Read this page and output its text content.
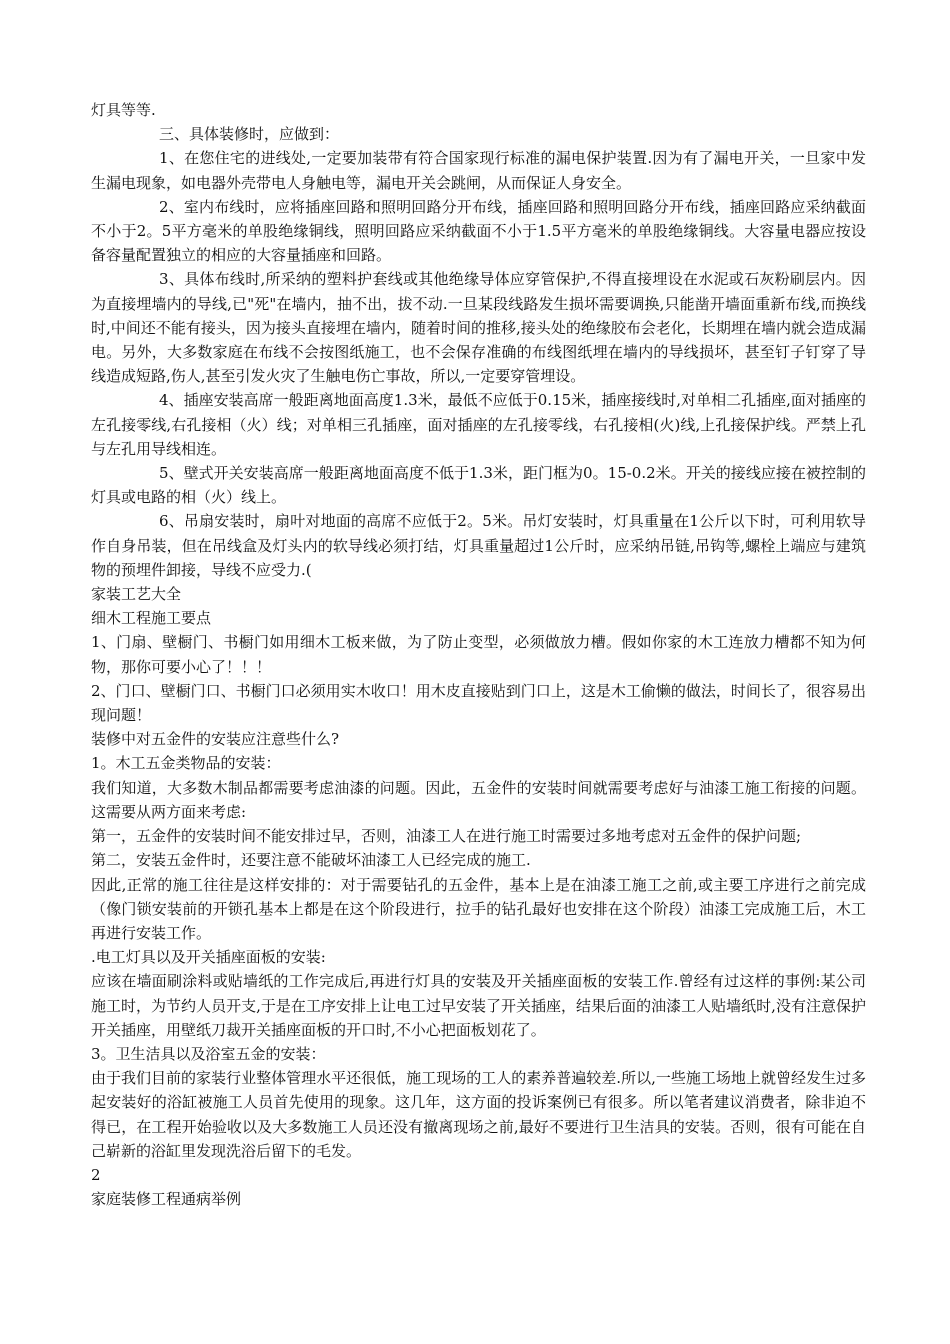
灯具等等.

三、具体装修时，应做到：

1、在您住宅的进线处,一定要加装带有符合国家现行标准的漏电保护装置.因为有了漏电开关，一旦家中发生漏电现象，如电器外壳带电人身触电等，漏电开关会跳闸，从而保证人身安全。

2、室内布线时，应将插座回路和照明回路分开布线，插座回路和照明回路分开布线，插座回路应采纳截面不小于2。5平方毫米的单股绝缘铜线，照明回路应采纳截面不小于1.5平方毫米的单股绝缘铜线。大容量电器应按设备容量配置独立的相应的大容量插座和回路。

3、具体布线时,所采纳的塑料护套线或其他绝缘导体应穿管保护,不得直接埋设在水泥或石灰粉刷层内。因为直接埋墙内的导线,已"死"在墙内，抽不出，拔不动.一旦某段线路发生损坏需要调换,只能凿开墙面重新布线,而换线时,中间还不能有接头，因为接头直接埋在墙内，随着时间的推移,接头处的绝缘胶布会老化，长期埋在墙内就会造成漏电。另外，大多数家庭在布线不会按图纸施工，也不会保存准确的布线图纸埋在墙内的导线损坏，甚至钉子钉穿了导线造成短路,伤人,甚至引发火灾了生触电伤亡事故，所以,一定要穿管埋设。

4、插座安装高席一般距离地面高度1.3米，最低不应低于0.15米，插座接线时,对单相二孔插座,面对插座的左孔接零线,右孔接相（火）线；对单相三孔插座，面对插座的左孔接零线，右孔接相(火)线,上孔接保护线。严禁上孔与左孔用导线相连。

5、壁式开关安装高席一般距离地面高度不低于1.3米，距门框为0。15-0.2米。开关的接线应接在被控制的灯具或电路的相（火）线上。

6、吊扇安装时，扇叶对地面的高席不应低于2。5米。吊灯安装时，灯具重量在1公斤以下时，可利用软导作自身吊装，但在吊线盒及灯头内的软导线必须打结，灯具重量超过1公斤时，应采纳吊链,吊钩等,螺栓上端应与建筑物的预埋件卸接，导线不应受力.(

家装工艺大全

细木工程施工要点

1、门扇、壁橱门、书橱门如用细木工板来做，为了防止变型，必须做放力槽。假如你家的木工连放力槽都不知为何物，那你可要小心了！！！

2、门口、壁橱门口、书橱门口必须用实木收口！用木皮直接贴到门口上，这是木工偷懒的做法，时间长了，很容易出现问题！

装修中对五金件的安装应注意些什么?

1。木工五金类物品的安装：

我们知道，大多数木制品都需要考虑油漆的问题。因此，五金件的安装时间就需要考虑好与油漆工施工衔接的问题。这需要从两方面来考虑:

第一，五金件的安装时间不能安排过早，否则，油漆工人在进行施工时需要过多地考虑对五金件的保护问题;

第二，安装五金件时，还要注意不能破坏油漆工人已经完成的施工.

因此,正常的施工往往是这样安排的：对于需要钻孔的五金件，基本上是在油漆工施工之前,或主要工序进行之前完成（像门锁安装前的开锁孔基本上都是在这个阶段进行，拉手的钻孔最好也安排在这个阶段）油漆工完成施工后，木工再进行安装工作。

.电工灯具以及开关插座面板的安装:

应该在墙面刷涂料或贴墙纸的工作完成后,再进行灯具的安装及开关插座面板的安装工作.曾经有过这样的事例:某公司施工时，为节约人员开支,于是在工序安排上让电工过早安装了开关插座，结果后面的油漆工人贴墙纸时,没有注意保护开关插座，用壁纸刀裁开关插座面板的开口时,不小心把面板划花了。

3。卫生洁具以及浴室五金的安装：

由于我们目前的家装行业整体管理水平还很低，施工现场的工人的素养普遍较差.所以,一些施工场地上就曾经发生过多起安装好的浴缸被施工人员首先使用的现象。这几年，这方面的投诉案例已有很多。所以笔者建议消费者，除非迫不得已，在工程开始验收以及大多数施工人员还没有撤离现场之前,最好不要进行卫生洁具的安装。否则，很有可能在自己崭新的浴缸里发现洗浴后留下的毛发。

2

家庭装修工程通病举例
